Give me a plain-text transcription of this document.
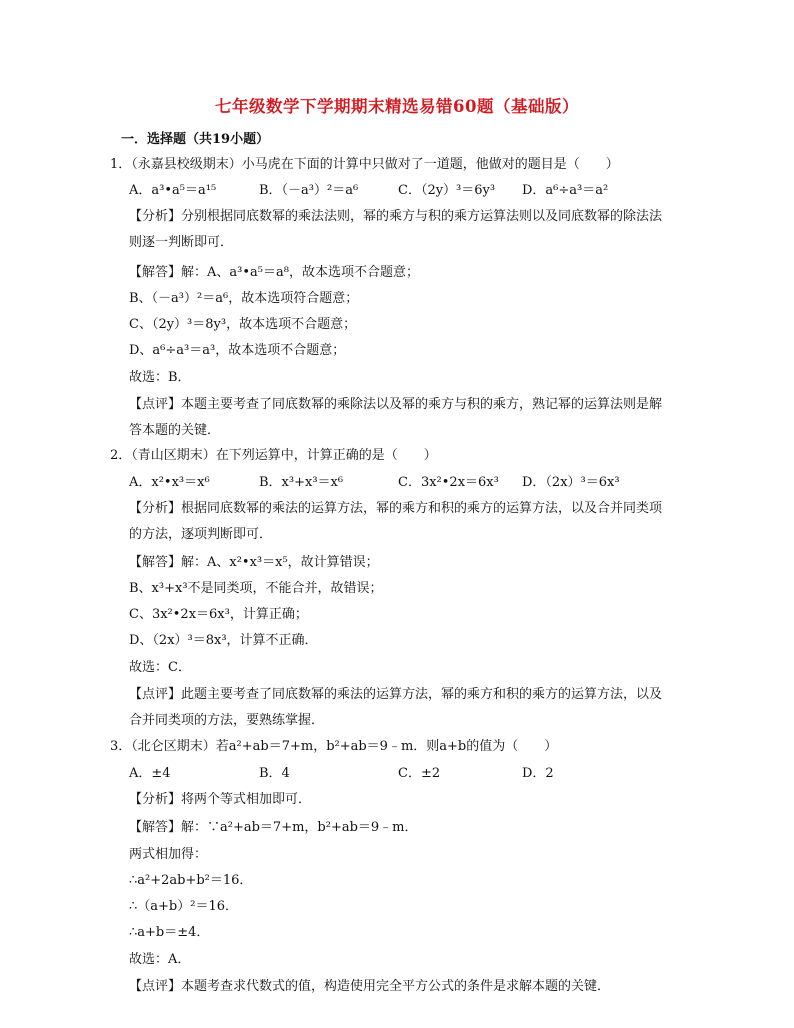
七年级数学下学期期末精选易错60题（基础版）
一．选择题（共19小题）
1．（永嘉县校级期末）小马虎在下面的计算中只做对了一道题，他做对的题目是（　　）
A．a³•a⁵＝a¹⁵	B．（－a³）²＝a⁶	C．（2y）³＝6y³ D．a⁶÷a³＝a²
【分析】分别根据同底数幂的乘法法则，幂的乘方与积的乘方运算法则以及同底数幂的除法法
则逐一判断即可．
【解答】解：A、a³•a⁵＝a⁸，故本选项不合题意；
B、（－a³）²＝a⁶，故本选项符合题意；
C、（2y）³＝8y³，故本选项不合题意；
D、a⁶÷a³＝a³，故本选项不合题意；
故选：B．
【点评】本题主要考查了同底数幂的乘除法以及幂的乘方与积的乘方，熟记幂的运算法则是解
答本题的关键．
2．（青山区期末）在下列运算中，计算正确的是（　　）
A．x²•x³＝x⁶	B．x³+x³＝x⁶	C．3x²•2x＝6x³ D．（2x）³＝6x³
【分析】根据同底数幂的乘法的运算方法，幂的乘方和积的乘方的运算方法，以及合并同类项
的方法，逐项判断即可．
【解答】解：A、x²•x³＝x⁵，故计算错误；
B、x³+x³不是同类项，不能合并，故错误；
C、3x²•2x＝6x³，计算正确；
D、（2x）³＝8x³，计算不正确．
故选：C．
【点评】此题主要考查了同底数幂的乘法的运算方法，幂的乘方和积的乘方的运算方法，以及
合并同类项的方法，要熟练掌握．
3．（北仑区期末）若a²+ab＝7+m，b²+ab＝9﹣m．则a+b的值为（　　）
A．±4	B．4	C．±2	D．2
【分析】将两个等式相加即可．
【解答】解：∵a²+ab＝7+m，b²+ab＝9﹣m．
两式相加得：
∴a²+2ab+b²＝16．
∴（a+b）²＝16．
∴a+b＝±4．
故选：A．
【点评】本题考查求代数式的值，构造使用完全平方公式的条件是求解本题的关键．
